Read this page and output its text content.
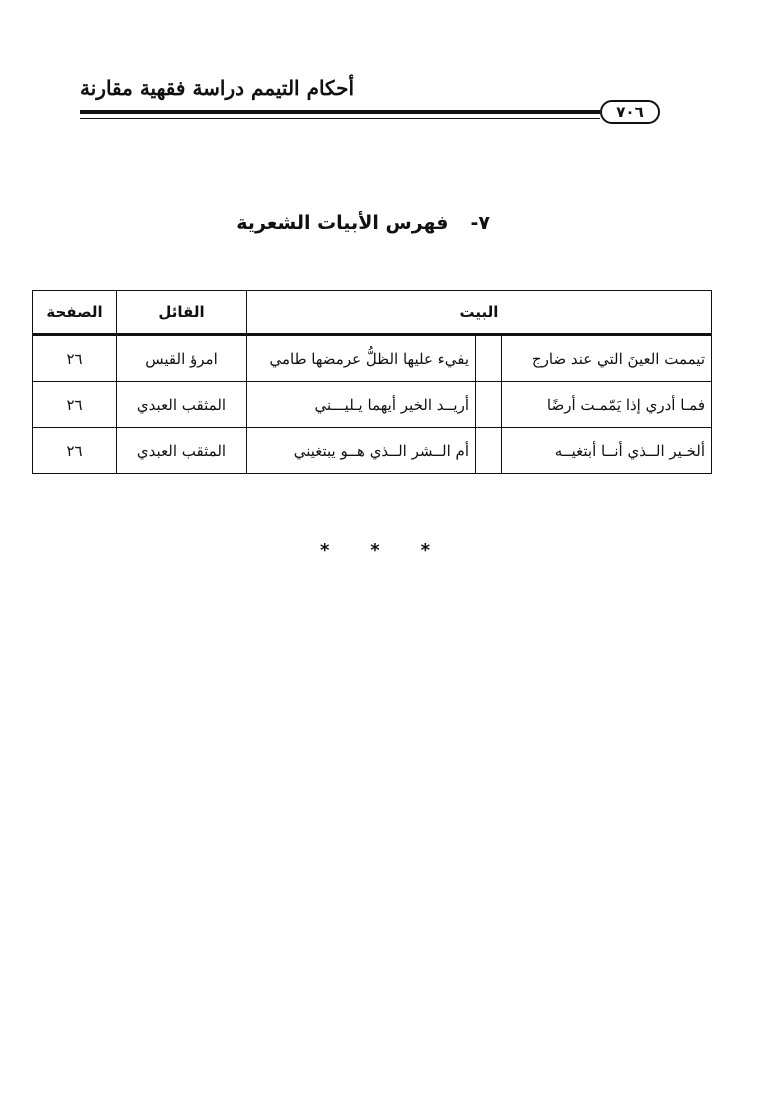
أحكام التيمم دراسة فقهية مقارنة
٧٠٦
٧-فهرس الأبيات الشعرية
البيت			القائل	الصفحة
تيممت العينَ التي عند ضارج		يفيء عليها الظلُّ عرمضها طامي	امرؤ القيس	٢٦
فمـا أدري إذا يَمّمـت أرضًا		أريــد الخير أيهما يـليـــني	المثقب العبدي	٢٦
ألخـير الــذي أنــا أبتغيــه		أم الــشر الــذي هــو يبتغيني	المثقب العبدي	٢٦
* * *
